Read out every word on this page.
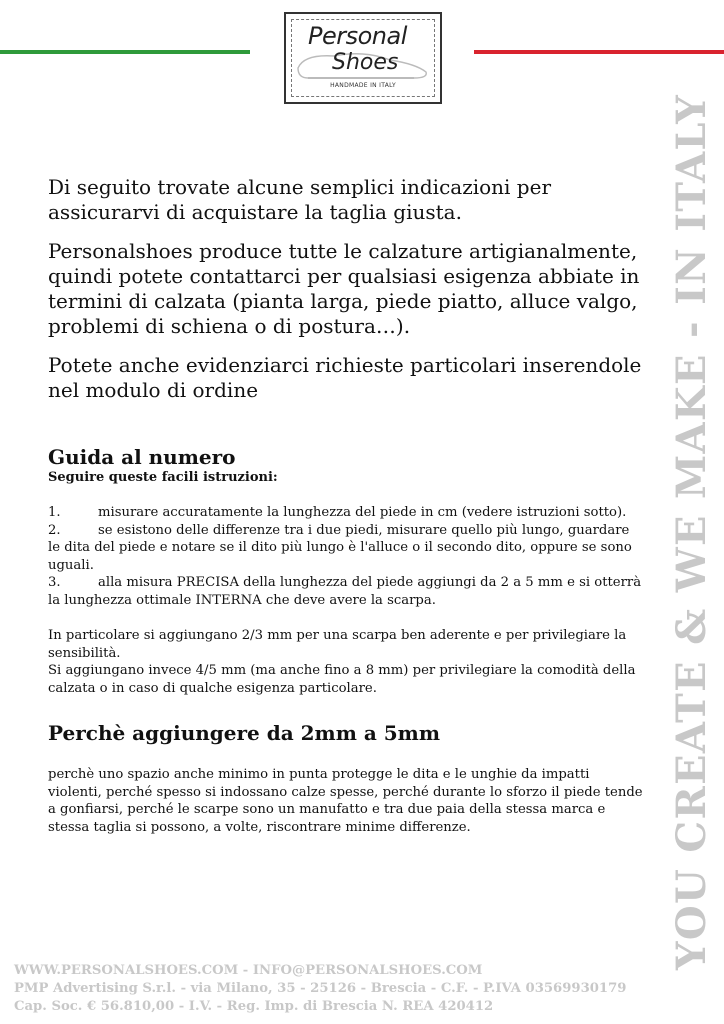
Personal
Shoes
HANDMADE IN ITALY
YOU CREATE & WE MAKE - IN ITALY

Di seguito trovate alcune semplici indicazioni per assicurarvi di acquistare la taglia giusta.

Personalshoes produce tutte le calzature artigianalmente, quindi potete contattarci per qualsiasi esigenza abbiate in termini di calzata (pianta larga, piede piatto, alluce valgo, problemi di schiena o di postura…).

Potete anche evidenziarci richieste particolari inserendole nel modulo di ordine

Guida al numero
Seguire queste facili istruzioni:

1.	misurare accuratamente la lunghezza del piede in cm (vedere istruzioni sotto).

2.	se esistono delle differenze tra i due piedi, misurare quello più lungo, guardare le dita del piede e notare se il dito più lungo è l'alluce o il secondo dito, oppure se sono uguali.

3.	alla misura PRECISA della lunghezza del piede aggiungi da 2 a 5 mm e si otterrà la lunghezza ottimale INTERNA che deve avere la scarpa.

In particolare si aggiungano 2/3 mm per una scarpa ben aderente e per privilegiare la sensibilità.

Si aggiungano invece 4/5 mm (ma anche fino a 8 mm) per privilegiare la comodità della calzata o in caso di qualche esigenza particolare.

Perchè aggiungere da 2mm a 5mm

perchè uno spazio anche minimo in punta protegge le dita e le unghie da impatti violenti, perché spesso si indossano calze spesse, perché durante lo sforzo il piede tende a gonfiarsi, perché le scarpe sono un manufatto e tra due paia della stessa marca e stessa taglia si possono, a volte, riscontrare minime differenze.

WWW.PERSONALSHOES.COM - INFO@PERSONALSHOES.COM
PMP Advertising S.r.l. - via Milano, 35 - 25126 - Brescia - C.F. - P.IVA 03569930179
Cap. Soc. € 56.810,00 - I.V. - Reg. Imp. di Brescia N. REA 420412
